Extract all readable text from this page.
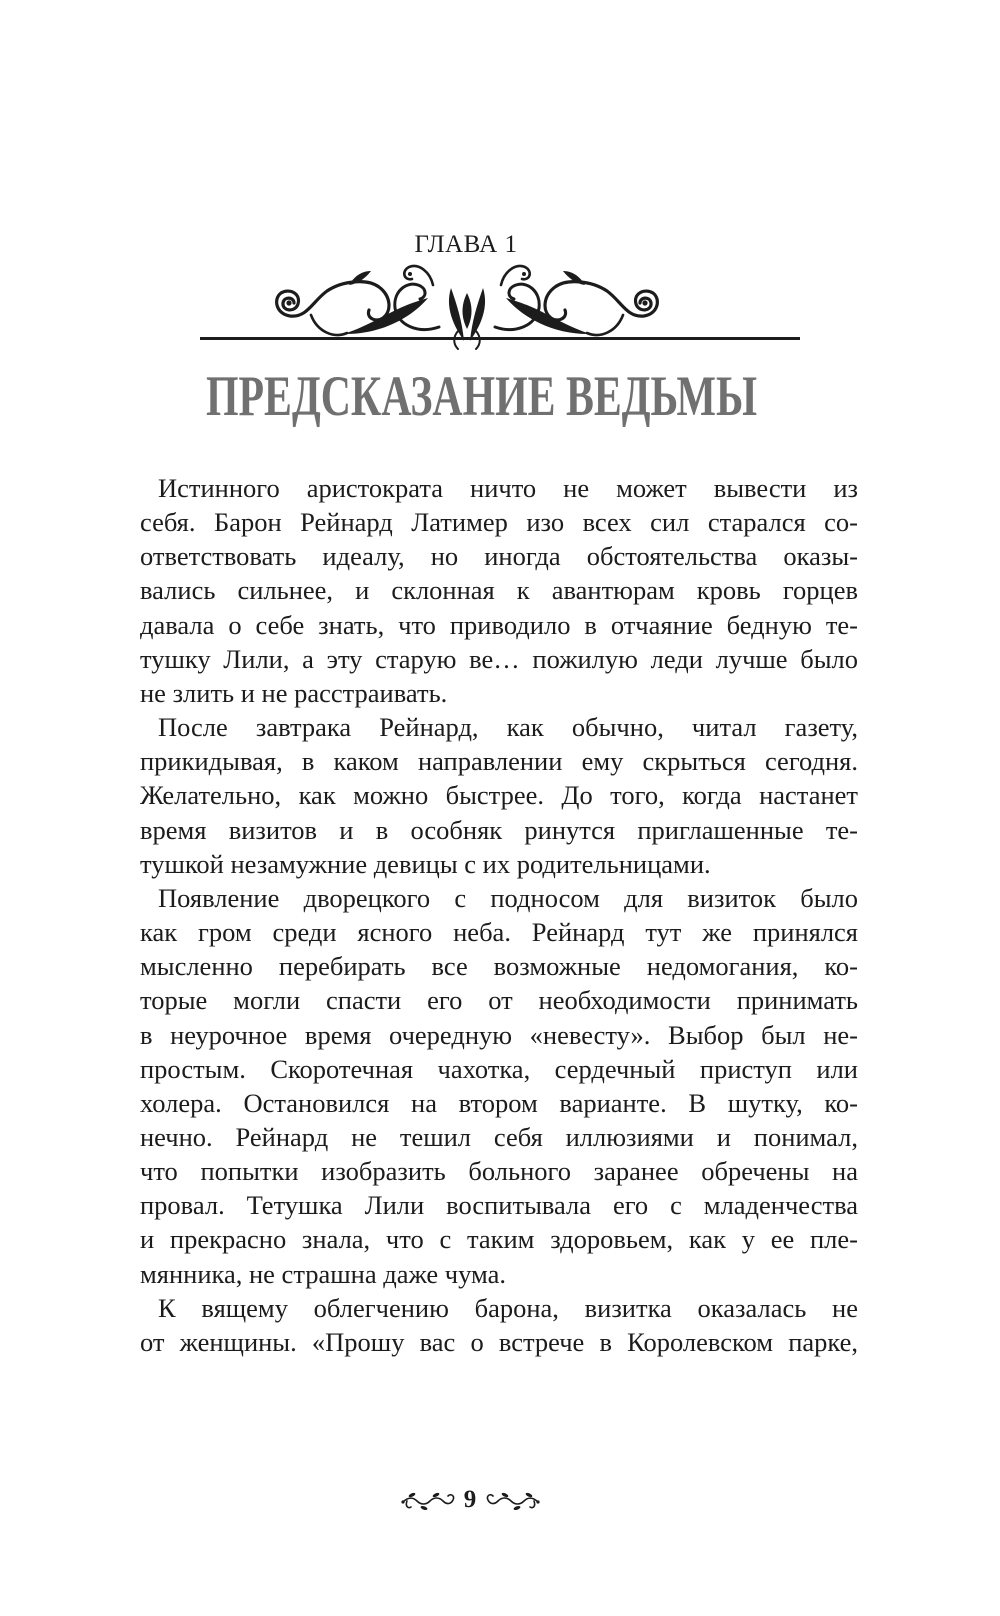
ГЛАВА 1
ПРЕДСКАЗАНИЕ ВЕДЬМЫ
Истинного аристократа ничто не может вывести из
себя. Барон Рейнард Латимер изо всех сил старался со-
ответствовать идеалу, но иногда обстоятельства оказы-
вались сильнее, и склонная к авантюрам кровь горцев
давала о себе знать, что приводило в отчаяние бедную те-
тушку Лили, а эту старую ве… пожилую леди лучше было
не злить и не расстраивать.
После завтрака Рейнард, как обычно, читал газету,
прикидывая, в каком направлении ему скрыться сегодня.
Желательно, как можно быстрее. До того, когда настанет
время визитов и в особняк ринутся приглашенные те-
тушкой незамужние девицы с их родительницами.
Появление дворецкого с подносом для визиток было
как гром среди ясного неба. Рейнард тут же принялся
мысленно перебирать все возможные недомогания, ко-
торые могли спасти его от необходимости принимать
в неурочное время очередную «невесту». Выбор был не-
простым. Скоротечная чахотка, сердечный приступ или
холера. Остановился на втором варианте. В шутку, ко-
нечно. Рейнард не тешил себя иллюзиями и понимал,
что попытки изобразить больного заранее обречены на
провал. Тетушка Лили воспитывала его с младенчества
и прекрасно знала, что с таким здоровьем, как у ее пле-
мянника, не страшна даже чума.
К вящему облегчению барона, визитка оказалась не
от женщины. «Прошу вас о встрече в Королевском парке,
9
